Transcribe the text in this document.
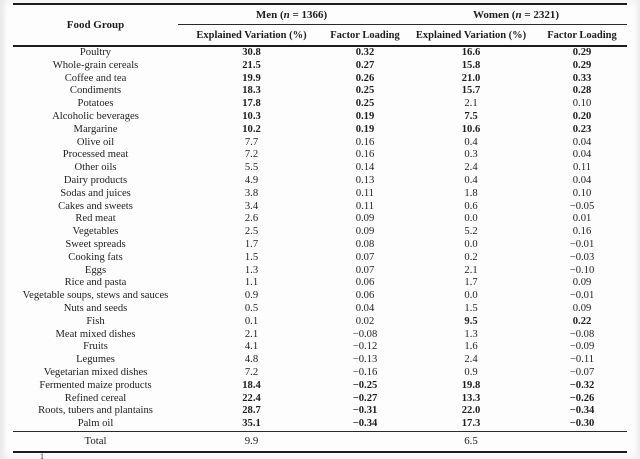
Food Group	Men (n = 1366)		Women (n = 2321)	
	Explained Variation (%)	Factor Loading	Explained Variation (%)	Factor Loading
Poultry	30.8	0.32	16.6	0.29
Whole-grain cereals	21.5	0.27	15.8	0.29
Coffee and tea	19.9	0.26	21.0	0.33
Condiments	18.3	0.25	15.7	0.28
Potatoes	17.8	0.25	2.1	0.10
Alcoholic beverages	10.3	0.19	7.5	0.20
Margarine	10.2	0.19	10.6	0.23
Olive oil	7.7	0.16	0.4	0.04
Processed meat	7.2	0.16	0.3	0.04
Other oils	5.5	0.14	2.4	0.11
Dairy products	4.9	0.13	0.4	0.04
Sodas and juices	3.8	0.11	1.8	0.10
Cakes and sweets	3.4	0.11	0.6	−0.05
Red meat	2.6	0.09	0.0	0.01
Vegetables	2.5	0.09	5.2	0.16
Sweet spreads	1.7	0.08	0.0	−0.01
Cooking fats	1.5	0.07	0.2	−0.03
Eggs	1.3	0.07	2.1	−0.10
Rice and pasta	1.1	0.06	1.7	0.09
Vegetable soups, stews and sauces	0.9	0.06	0.0	−0.01
Nuts and seeds	0.5	0.04	1.5	0.09
Fish	0.1	0.02	9.5	0.22
Meat mixed dishes	2.1	−0.08	1.3	−0.08
Fruits	4.1	−0.12	1.6	−0.09
Legumes	4.8	−0.13	2.4	−0.11
Vegetarian mixed dishes	7.2	−0.16	0.9	−0.07
Fermented maize products	18.4	−0.25	19.8	−0.32
Refined cereal	22.4	−0.27	13.3	−0.26
Roots, tubers and plantains	28.7	−0.31	22.0	−0.34
Palm oil	35.1	−0.34	17.3	−0.30
Total	9.9		6.5	
1
